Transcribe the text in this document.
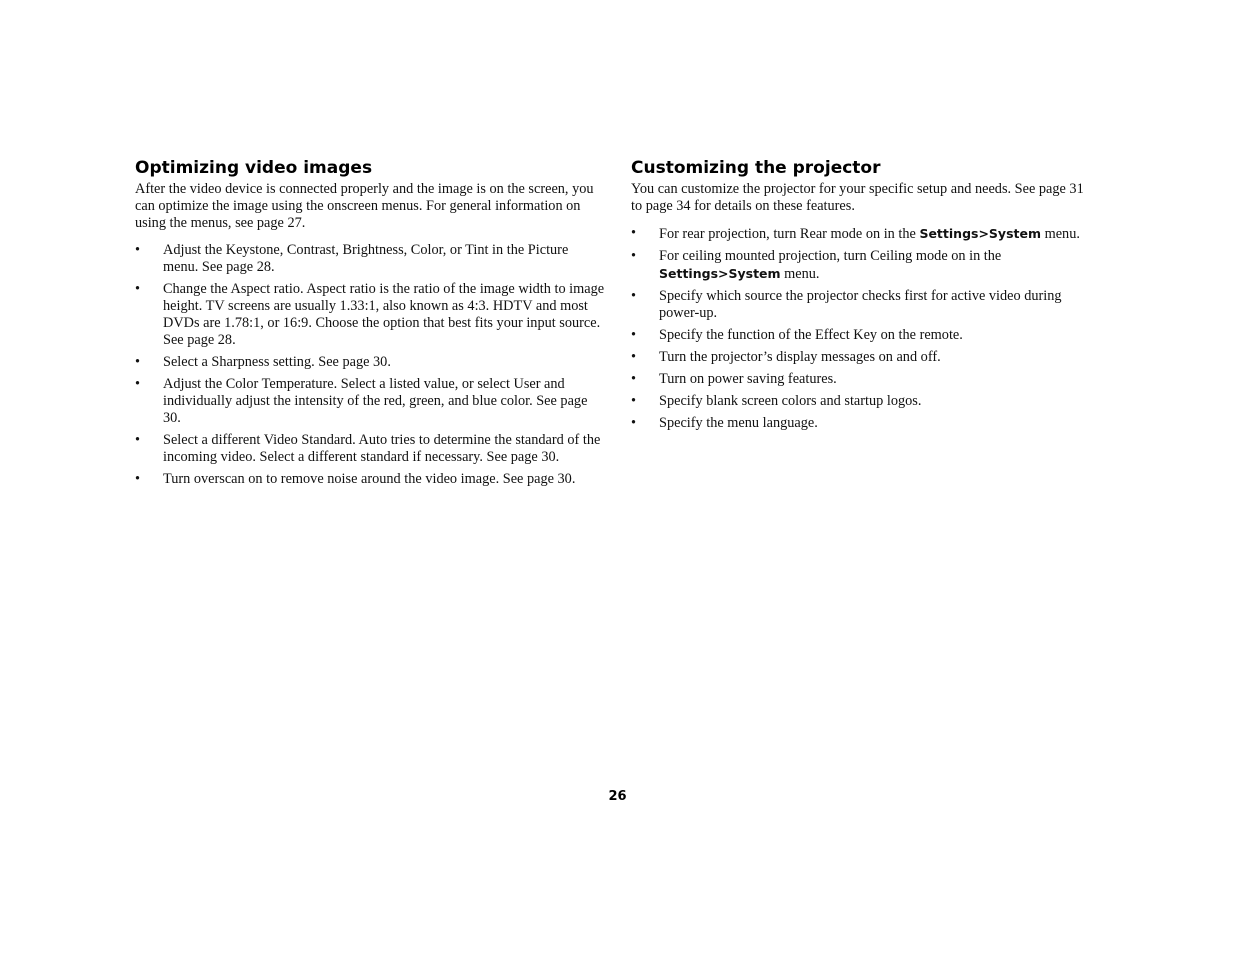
Optimizing video images

After the video device is connected properly and the image is on the screen, you can optimize the image using the onscreen menus. For general information on using the menus, see page 27.

• Adjust the Keystone, Contrast, Brightness, Color, or Tint in the Picture menu. See page 28.
• Change the Aspect ratio. Aspect ratio is the ratio of the image width to image height. TV screens are usually 1.33:1, also known as 4:3. HDTV and most DVDs are 1.78:1, or 16:9. Choose the option that best fits your input source. See page 28.
• Select a Sharpness setting. See page 30.
• Adjust the Color Temperature. Select a listed value, or select User and individually adjust the intensity of the red, green, and blue color. See page 30.
• Select a different Video Standard. Auto tries to determine the standard of the incoming video. Select a different standard if necessary. See page 30.
• Turn overscan on to remove noise around the video image. See page 30.
Customizing the projector

You can customize the projector for your specific setup and needs. See page 31 to page 34 for details on these features.

• For rear projection, turn Rear mode on in the Settings>System menu.
• For ceiling mounted projection, turn Ceiling mode on in the Settings>System menu.
• Specify which source the projector checks first for active video during power-up.
• Specify the function of the Effect Key on the remote.
• Turn the projector’s display messages on and off.
• Turn on power saving features.
• Specify blank screen colors and startup logos.
• Specify the menu language.
26
